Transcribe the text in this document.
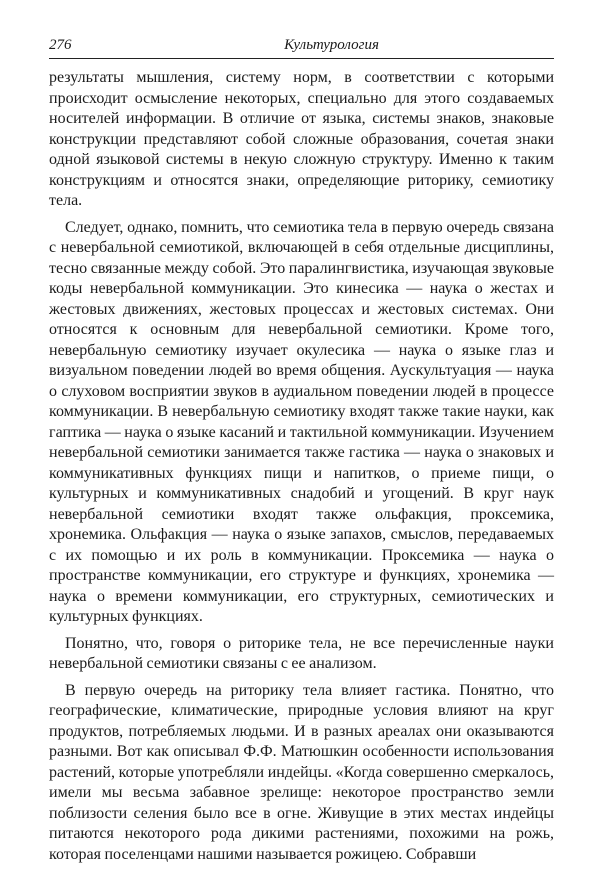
276	Культурология

результаты мышления, систему норм, в соответствии с которыми происходит осмысление некоторых, специально для этого создаваемых носителей информации. В отличие от языка, системы знаков, знаковые конструкции представляют собой сложные образования, сочетая знаки одной языковой системы в некую сложную структуру. Именно к таким конструкциям и относятся знаки, определяющие риторику, семиотику тела.

Следует, однако, помнить, что семиотика тела в первую очередь связана с невербальной семиотикой, включающей в себя отдельные дисциплины, тесно связанные между собой. Это паралингвистика, изучающая звуковые коды невербальной коммуникации. Это кинесика — наука о жестах и жестовых движениях, жестовых процессах и жестовых системах. Они относятся к основным для невербальной семиотики. Кроме того, невербальную семиотику изучает окулесика — наука о языке глаз и визуальном поведении людей во время общения. Аускультуация — наука о слуховом восприятии звуков в аудиальном поведении людей в процессе коммуникации. В невербальную семиотику входят также такие науки, как гаптика — наука о языке касаний и тактильной коммуникации. Изучением невербальной семиотики занимается также гастика — наука о знаковых и коммуникативных функциях пищи и напитков, о приеме пищи, о культурных и коммуникативных снадобий и угощений. В круг наук невербальной семиотики входят также ольфакция, проксемика, хронемика. Ольфакция — наука о языке запахов, смыслов, передаваемых с их помощью и их роль в коммуникации. Проксемика — наука о пространстве коммуникации, его структуре и функциях, хронемика — наука о времени коммуникации, его структурных, семиотических и культурных функциях.

Понятно, что, говоря о риторике тела, не все перечисленные науки невербальной семиотики связаны с ее анализом.

В первую очередь на риторику тела влияет гастика. Понятно, что географические, климатические, природные условия влияют на круг продуктов, потребляемых людьми. И в разных ареалах они оказываются разными. Вот как описывал Ф.Ф. Матюшкин особенности использования растений, которые употребляли индейцы. «Когда совершенно смеркалось, имели мы весьма забавное зрелище: некоторое пространство земли поблизости селения было все в огне. Живущие в этих местах индейцы питаются некоторого рода дикими растениями, похожими на рожь, которая поселенцами нашими называется рожицею. Собравши
